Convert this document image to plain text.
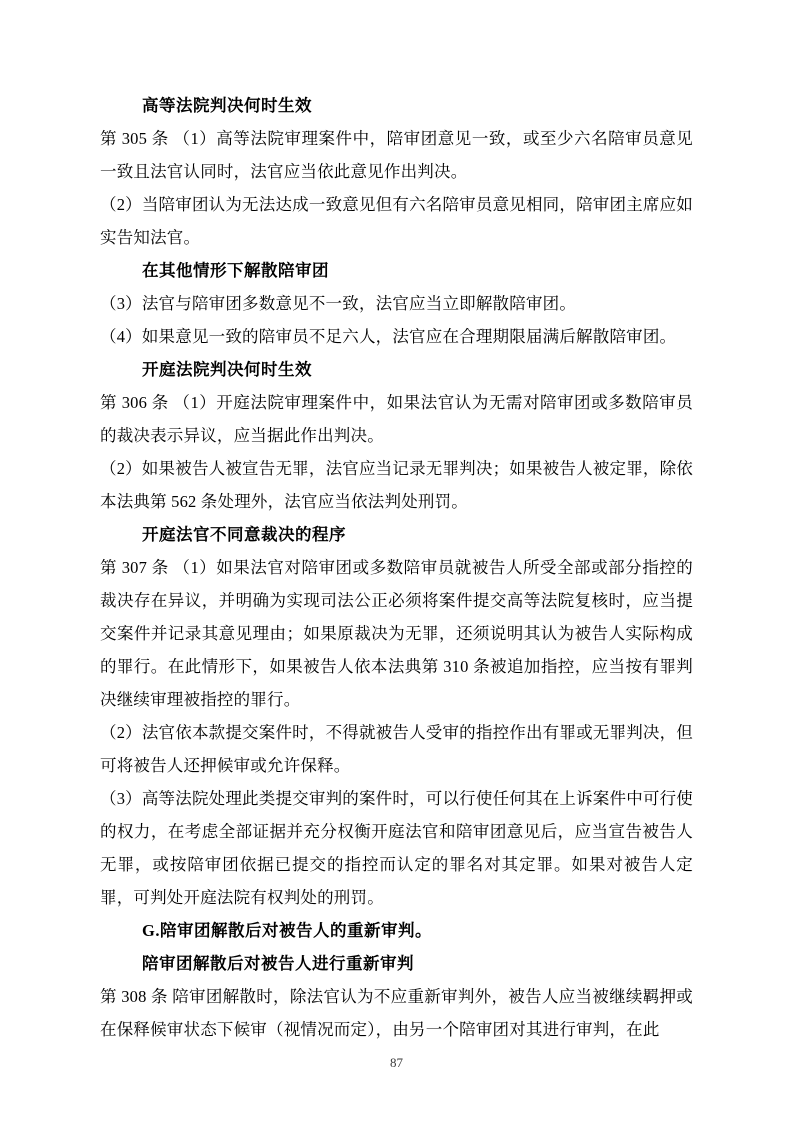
高等法院判决何时生效

第 305 条 （1）高等法院审理案件中，陪审团意见一致，或至少六名陪审员意见一致且法官认同时，法官应当依此意见作出判决。

（2）当陪审团认为无法达成一致意见但有六名陪审员意见相同，陪审团主席应如实告知法官。

在其他情形下解散陪审团

（3）法官与陪审团多数意见不一致，法官应当立即解散陪审团。

（4）如果意见一致的陪审员不足六人，法官应在合理期限届满后解散陪审团。

开庭法院判决何时生效

第 306 条 （1）开庭法院审理案件中，如果法官认为无需对陪审团或多数陪审员的裁决表示异议，应当据此作出判决。

（2）如果被告人被宣告无罪，法官应当记录无罪判决；如果被告人被定罪，除依本法典第 562 条处理外，法官应当依法判处刑罚。

开庭法官不同意裁决的程序

第 307 条 （1）如果法官对陪审团或多数陪审员就被告人所受全部或部分指控的裁决存在异议，并明确为实现司法公正必须将案件提交高等法院复核时，应当提交案件并记录其意见理由；如果原裁决为无罪，还须说明其认为被告人实际构成的罪行。在此情形下，如果被告人依本法典第 310 条被追加指控，应当按有罪判决继续审理被指控的罪行。

（2）法官依本款提交案件时，不得就被告人受审的指控作出有罪或无罪判决，但可将被告人还押候审或允许保释。

（3）高等法院处理此类提交审判的案件时，可以行使任何其在上诉案件中可行使的权力，在考虑全部证据并充分权衡开庭法官和陪审团意见后，应当宣告被告人无罪，或按陪审团依据已提交的指控而认定的罪名对其定罪。如果对被告人定罪，可判处开庭法院有权判处的刑罚。

G.陪审团解散后对被告人的重新审判。

陪审团解散后对被告人进行重新审判

第 308 条 陪审团解散时，除法官认为不应重新审判外，被告人应当被继续羁押或在保释候审状态下候审（视情况而定），由另一个陪审团对其进行审判，在此

87
